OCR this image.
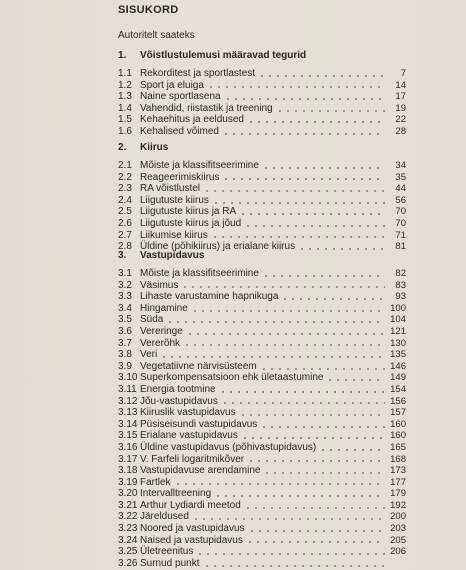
SISUKORD
Autoritelt saateks
1.	Võistlustulemusi määravad tegurid
1.1 Rekorditest ja sportlastest	7
1.2 Sport ja eluiga	14
1.3 Naine sportlasena	17
1.4 Vahendid, riistastik ja treening	19
1.5 Kehaehitus ja eeldused	22
1.6 Kehalised võimed	28
2.	Kiirus
2.1 Mõiste ja klassifitseerimine	34
2.2 Reageerimiskiirus	35
2.3 RA võistlustel	44
2.4 Liigutuste kiirus	56
2.5 Liigutuste kiirus ja RA	70
2.6 Liigutuste kiirus ja jõud	70
2.7 Liikumise kiirus	71
2.8 Üldine (põhikiirus) ja erialane kiirus	81
3.	Vastupidavus
3.1 Mõiste ja klassifitseerimine	82
3.2 Väsimus	83
3.3 Lihaste varustamine hapnikuga	93
3.4 Hingamine	100
3.5 Süda	104
3.6 Vereringe	121
3.7 Vererõhk	130
3.8 Veri	135
3.9 Vegetatiivne närvisüsteem	146
3.10 Superkompensatsioon ehk ületaastumine	149
3.11 Energia tootmine	154
3.12 Jõu-vastupidavus	156
3.13 Kiiruslik vastupidavus	157
3.14 Püsiseisundi vastupidavus	160
3.15 Erialane vastupidavus	160
3.16 Üldine vastupidavus (põhivastupidavus)	165
3.17 V. Farfeli logaritmikõver	168
3.18 Vastupidavuse arendamine	173
3.19 Fartlek	177
3.20 Intervalltreening	179
3.21 Arthur Lydiardi meetod	192
3.22 Järeldused	200
3.23 Noored ja vastupidavus	203
3.24 Naised ja vastupidavus	205
3.25 Ületreenitus	206
3.26 Surnud punkt
